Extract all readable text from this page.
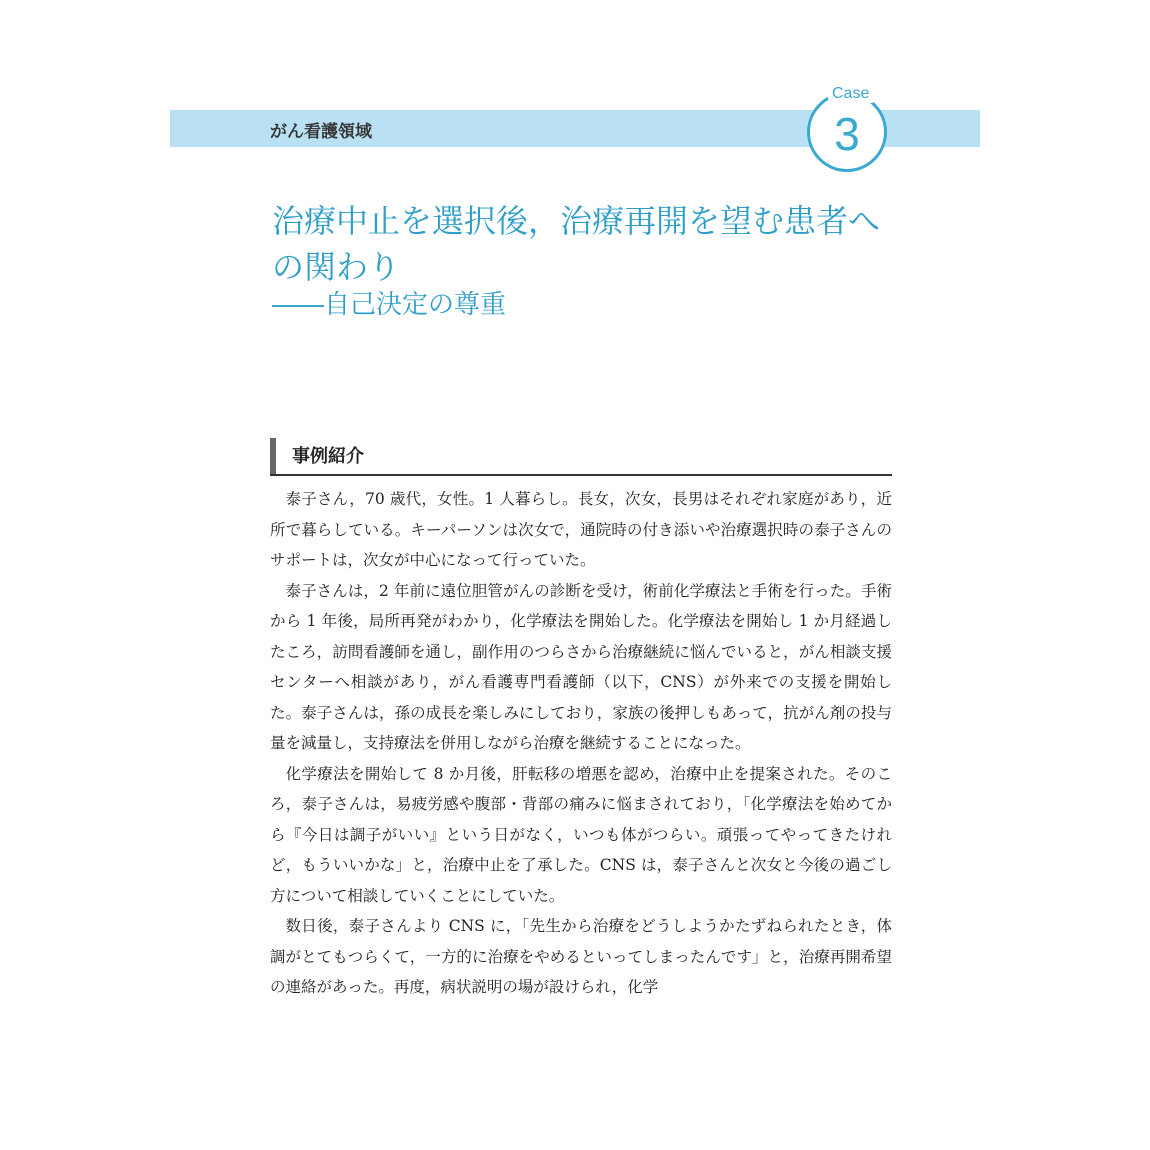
がん看護領域
Case
3
治療中止を選択後，治療再開を望む患者への関わり
――自己決定の尊重
事例紹介

泰子さん，70 歳代，女性。1 人暮らし。長女，次女，長男はそれぞれ家庭があり，近所で暮らしている。キーパーソンは次女で，通院時の付き添いや治療選択時の泰子さんのサポートは，次女が中心になって行っていた。

泰子さんは，2 年前に遠位胆管がんの診断を受け，術前化学療法と手術を行った。手術から 1 年後，局所再発がわかり，化学療法を開始した。化学療法を開始し 1 か月経過したころ，訪問看護師を通し，副作用のつらさから治療継続に悩んでいると，がん相談支援センターへ相談があり，がん看護専門看護師（以下，CNS）が外来での支援を開始した。泰子さんは，孫の成長を楽しみにしており，家族の後押しもあって，抗がん剤の投与量を減量し，支持療法を併用しながら治療を継続することになった。

化学療法を開始して 8 か月後，肝転移の増悪を認め，治療中止を提案された。そのころ，泰子さんは，易疲労感や腹部・背部の痛みに悩まされており，「化学療法を始めてから『今日は調子がいい』という日がなく，いつも体がつらい。頑張ってやってきたけれど，もういいかな」と，治療中止を了承した。CNS は，泰子さんと次女と今後の過ごし方について相談していくことにしていた。

数日後，泰子さんより CNS に，「先生から治療をどうしようかたずねられたとき，体調がとてもつらくて，一方的に治療をやめるといってしまったんです」と，治療再開希望の連絡があった。再度，病状説明の場が設けられ，化学
